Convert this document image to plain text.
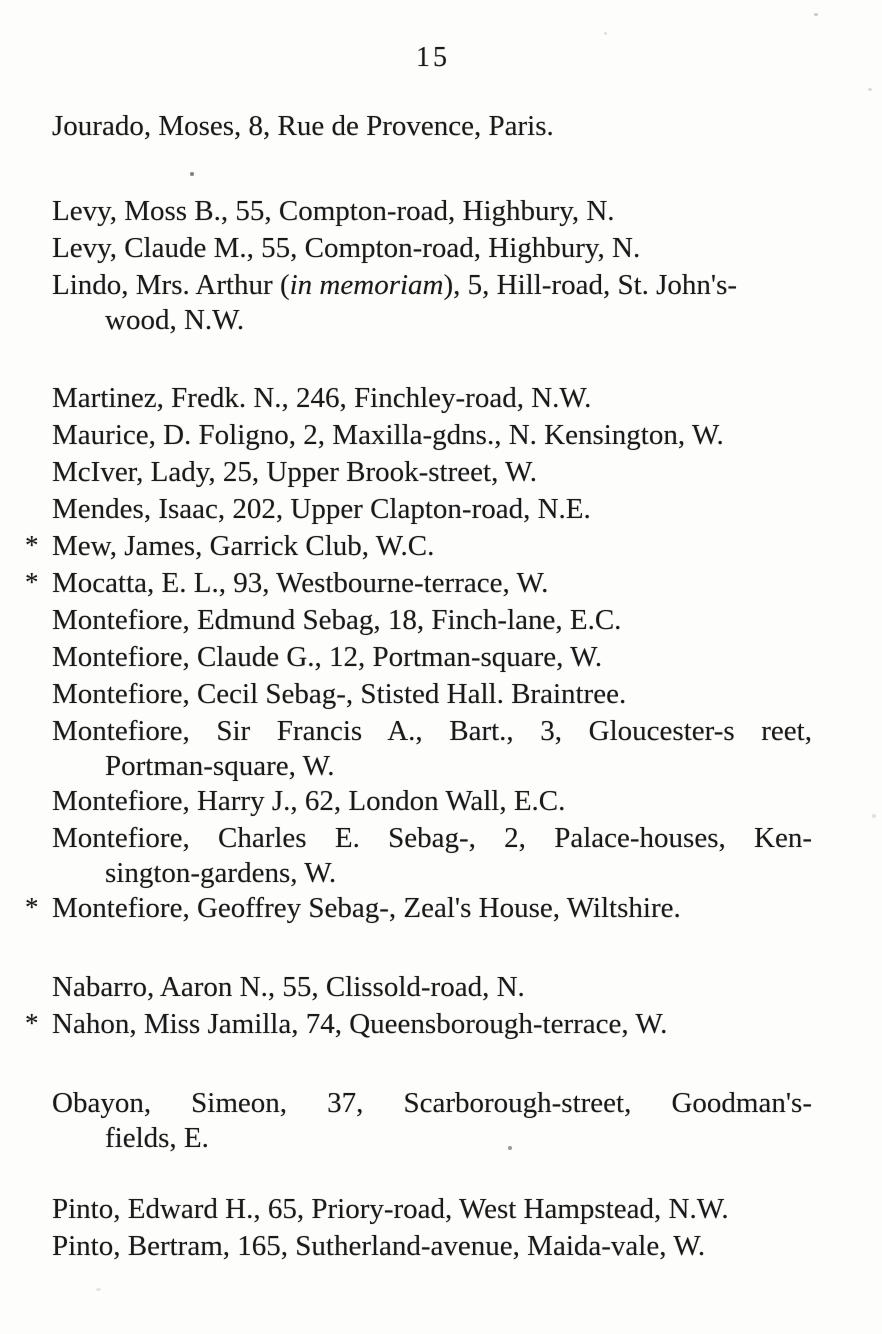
15

Jourado, Moses, 8, Rue de Provence, Paris.

Levy, Moss B., 55, Compton-road, Highbury, N.

Levy, Claude M., 55, Compton-road, Highbury, N.

Lindo, Mrs. Arthur (in memoriam), 5, Hill-road, St. John's-
wood, N.W.

Martinez, Fredk. N., 246, Finchley-road, N.W.

Maurice, D. Foligno, 2, Maxilla-gdns., N. Kensington, W.

McIver, Lady, 25, Upper Brook-street, W.

Mendes, Isaac, 202, Upper Clapton-road, N.E.

* Mew, James, Garrick Club, W.C.

* Mocatta, E. L., 93, Westbourne-terrace, W.

Montefiore, Edmund Sebag, 18, Finch-lane, E.C.

Montefiore, Claude G., 12, Portman-square, W.

Montefiore, Cecil Sebag-, Stisted Hall. Braintree.

Montefiore, Sir Francis A., Bart., 3, Gloucester-s reet,
Portman-square, W.

Montefiore, Harry J., 62, London Wall, E.C.

Montefiore, Charles E. Sebag-, 2, Palace-houses, Ken-
sington-gardens, W.

* Montefiore, Geoffrey Sebag-, Zeal's House, Wiltshire.

Nabarro, Aaron N., 55, Clissold-road, N.

* Nahon, Miss Jamilla, 74, Queensborough-terrace, W.

Obayon, Simeon, 37, Scarborough-street, Goodman's-
fields, E.

Pinto, Edward H., 65, Priory-road, West Hampstead, N.W.

Pinto, Bertram, 165, Sutherland-avenue, Maida-vale, W.
